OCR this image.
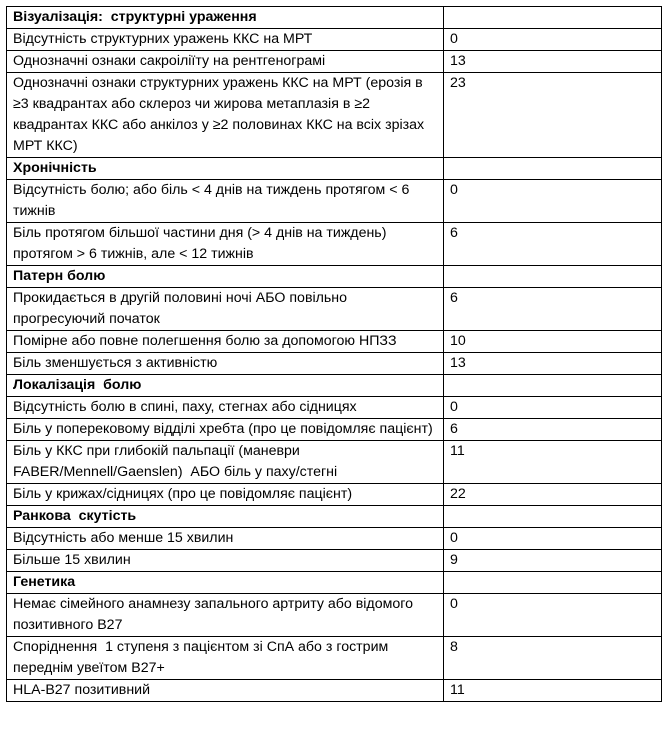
Візуалізація:  структурні ураження	
Відсутність структурних уражень ККС на МРТ	0
Однозначні ознаки сакроіліїту на рентгенограмі	13
Однозначні ознаки структурних уражень ККС на МРТ (ерозія в ≥3 квадрантах або склероз чи жирова метаплазія в ≥2 квадрантах ККС або анкілоз у ≥2 половинах ККС на всіх зрізах МРТ ККС)	23
Хронічність	
Відсутність болю; або біль < 4 днів на тиждень протягом < 6 тижнів	0
Біль протягом більшої частини дня (> 4 днів на тиждень) протягом > 6 тижнів, але < 12 тижнів	6
Патерн болю	
Прокидається в другій половині ночі АБО повільно прогресуючий початок	6
Помірне або повне полегшення болю за допомогою НПЗЗ	10
Біль зменшується з активністю	13
Локалізація  болю	
Відсутність болю в спині, паху, стегнах або сідницях	0
Біль у поперековому відділі хребта (про це повідомляє пацієнт)	6
Біль у ККС при глибокій пальпації (маневри FABER/Mennell/Gaenslen)  АБО біль у паху/стегні	11
Біль у крижах/сідницях (про це повідомляє пацієнт)	22
Ранкова  скутість	
Відсутність або менше 15 хвилин	0
Більше 15 хвилин	9
Генетика	
Немає сімейного анамнезу запального артриту або відомого позитивного B27	0
Споріднення  1 ступеня з пацієнтом зі СпА або з гострим переднім увеїтом B27+	8
HLA-B27 позитивний	11
